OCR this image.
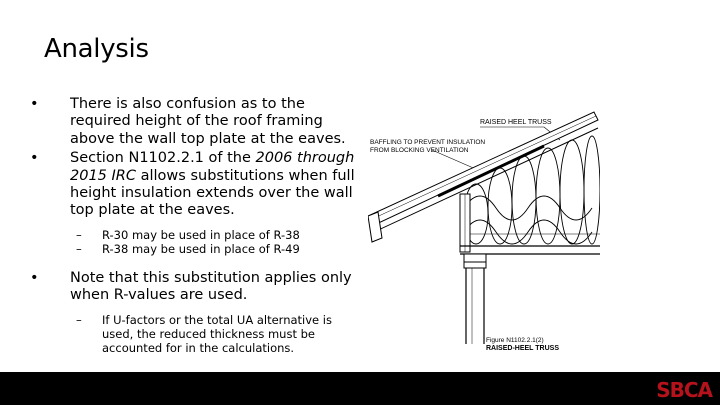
Analysis
• There is also confusion as to the required height of the roof framing above the wall top plate at the eaves.
• Section N1102.2.1 of the 2006 through 2015 IRC allows substitutions when full height insulation extends over the wall top plate at the eaves.
– R-30 may be used in place of R-38
– R-38 may be used in place of R-49
• Note that this substitution applies only when R-values are used.
– If U-factors or the total UA alternative is used, the reduced thickness must be accounted for in the calculations.
RAISED HEEL TRUSS
BAFFLING TO PREVENT INSULATION
FROM BLOCKING VENTILATION
Figure N1102.2.1(2)
RAISED-HEEL TRUSS
SBCA
